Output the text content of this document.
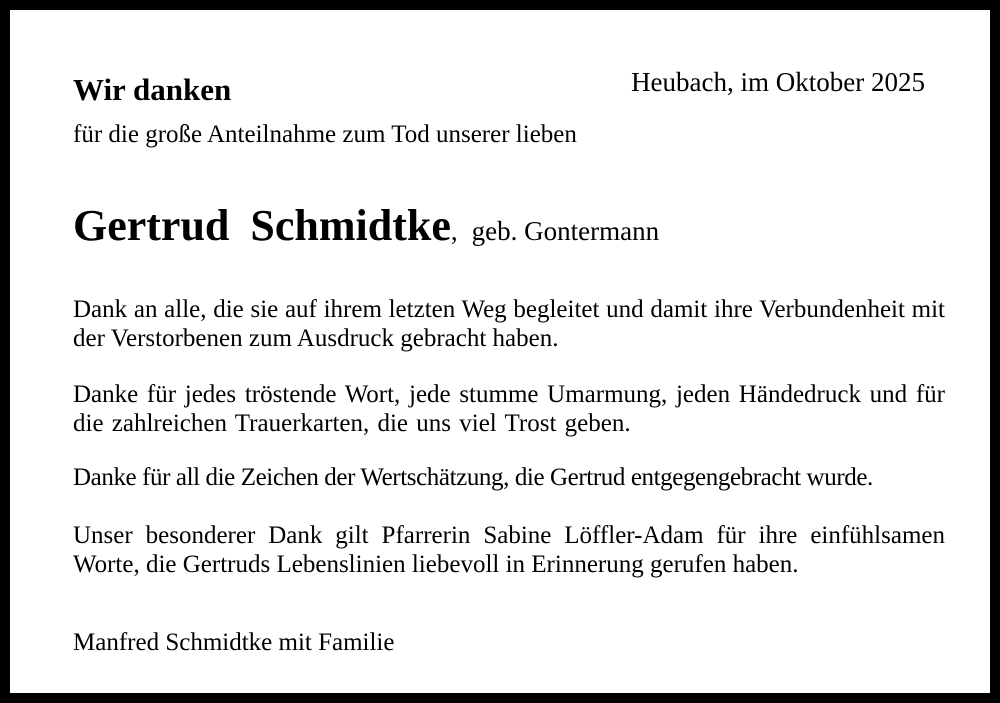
Wir danken	Heubach, im Oktober 2025
für die große Anteilnahme zum Tod unserer lieben
Gertrud Schmidtke, geb. Gontermann
Dank an alle, die sie auf ihrem letzten Weg begleitet und damit ihre Verbundenheit mit der Verstorbenen zum Ausdruck gebracht haben.
Danke für jedes tröstende Wort, jede stumme Umarmung, jeden Händedruck und für die zahlreichen Trauerkarten, die uns viel Trost geben.
Danke für all die Zeichen der Wertschätzung, die Gertrud entgegengebracht wurde.
Unser besonderer Dank gilt Pfarrerin Sabine Löffler-Adam für ihre einfühlsamen Worte, die Gertruds Lebenslinien liebevoll in Erinnerung gerufen haben.
Manfred Schmidtke mit Familie
